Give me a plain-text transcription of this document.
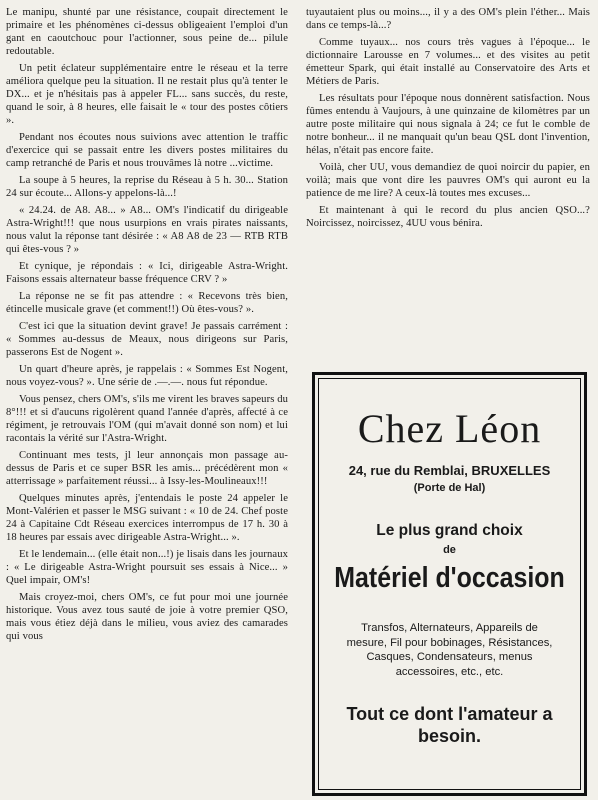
Le manipu, shunté par une résistance, coupait directement le primaire et les phénomènes ci-dessus obligeaient l'emploi d'un gant en caoutchouc pour l'actionner, sous peine de... pilule redoutable.

Un petit éclateur supplémentaire entre le réseau et la terre améliora quelque peu la situation. Il ne restait plus qu'à tenter le DX... et je n'hésitais pas à appeler FL... sans succès, du reste, quand le soir, à 8 heures, elle faisait le « tour des postes côtiers ».

Pendant nos écoutes nous suivions avec attention le traffic d'exercice qui se passait entre les divers postes militaires du camp retranché de Paris et nous trouvâmes là notre ...victime.

La soupe à 5 heures, la reprise du Réseau à 5 h. 30... Station 24 sur écoute... Allons-y appelons-là...!

« 24.24. de A8. A8... » A8... OM's l'indicatif du dirigeable Astra-Wright!!! que nous usurpions en vrais pirates naissants, nous valut la réponse tant désirée : « A8 A8 de 23 — RTB RTB qui êtes-vous ? »

Et cynique, je répondais : « Ici, dirigeable Astra-Wright. Faisons essais alternateur basse fréquence CRV ? »

La réponse ne se fit pas attendre : « Recevons très bien, étincelle musicale grave (et comment!!) Où êtes-vous? ».

C'est ici que la situation devint grave! Je passais carrément : « Sommes au-dessus de Meaux, nous dirigeons sur Paris, passerons Est de Nogent ».

Un quart d'heure après, je rappelais : « Sommes Est Nogent, nous voyez-vous? ». Une série de .—.—. nous fut répondue.

Vous pensez, chers OM's, s'ils me virent les braves sapeurs du 8°!!! et si d'aucuns rigolèrent quand l'année d'après, affecté à ce régiment, je retrouvais l'OM (qui m'avait donné son nom) et lui racontais la vérité sur l'Astra-Wright.

Continuant mes tests, jl leur annonçais mon passage au-dessus de Paris et ce super BSR les amis... précédèrent mon « atterrissage » parfaitement réussi... à Issy-les-Moulineaux!!!

Quelques minutes après, j'entendais le poste 24 appeler le Mont-Valérien et passer le MSG suivant : « 10 de 24. Chef poste 24 à Capitaine Cdt Réseau exercices interrompus de 17 h. 30 à 18 heures par essais avec dirigeable Astra-Wright... ».

Et le lendemain... (elle était non...!) je lisais dans les journaux : « Le dirigeable Astra-Wright poursuit ses essais à Nice... » Quel impair, OM's!

Mais croyez-moi, chers OM's, ce fut pour moi une journée historique. Vous avez tous sauté de joie à votre premier QSO, mais vous étiez déjà dans le milieu, vous aviez des camarades qui vous

tuyautaient plus ou moins..., il y a des OM's plein l'éther... Mais dans ce temps-là...?

Comme tuyaux... nos cours très vagues à l'époque... le dictionnaire Larousse en 7 volumes... et des visites au petit émetteur Spark, qui était installé au Conservatoire des Arts et Métiers de Paris.

Les résultats pour l'époque nous donnèrent satisfaction. Nous fûmes entendu à Vaujours, à une quinzaine de kilomètres par un autre poste militaire qui nous signala à 24; ce fut le comble de notre bonheur... il ne manquait qu'un beau QSL dont l'invention, hélas, n'était pas encore faite.

Voilà, cher UU, vous demandiez de quoi noircir du papier, en voilà; mais que vont dire les pauvres OM's qui auront eu la patience de me lire? A ceux-là toutes mes excuses...

Et maintenant à qui le record du plus ancien QSO...? Noircissez, noircissez, 4UU vous bénira.

Chez Léon
24, rue du Remblai, BRUXELLES
(Porte de Hal)
Le plus grand choix
de
Matériel d'occasion
Transfos, Alternateurs, Appareils de mesure, Fil pour bobinages, Résistances, Casques, Condensateurs, menus accessoires, etc., etc.
Tout ce dont l'amateur a besoin.
